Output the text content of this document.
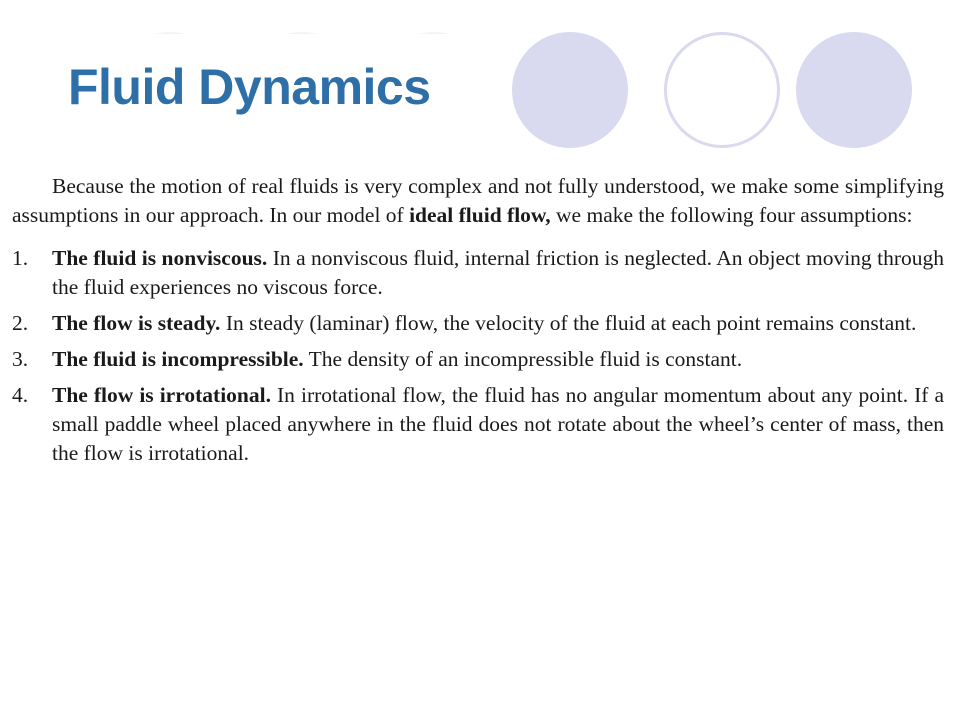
Fluid Dynamics

Because the motion of real fluids is very complex and not fully understood, we make some simplifying assumptions in our approach. In our model of ideal fluid flow, we make the following four assumptions:

1. The fluid is nonviscous. In a nonviscous fluid, internal friction is neglected. An object moving through the fluid experiences no viscous force.
2. The flow is steady. In steady (laminar) flow, the velocity of the fluid at each point remains constant.
3. The fluid is incompressible. The density of an incompressible fluid is constant.
4. The flow is irrotational. In irrotational flow, the fluid has no angular momentum about any point. If a small paddle wheel placed anywhere in the fluid does not rotate about the wheel’s center of mass, then the flow is irrotational.
